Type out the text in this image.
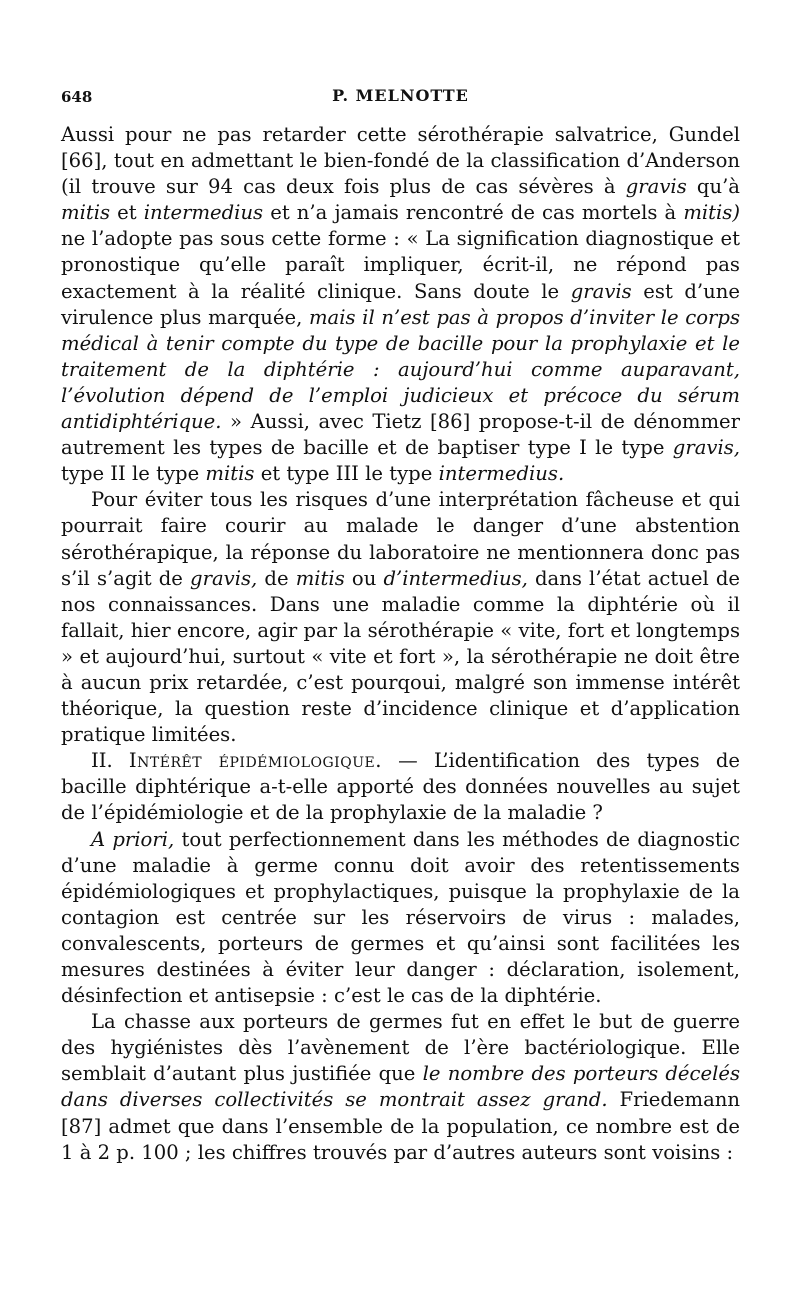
648	P. MELNOTTE

Aussi pour ne pas retarder cette sérothérapie salvatrice, Gundel [66], tout en admettant le bien-fondé de la classification d’Anderson (il trouve sur 94 cas deux fois plus de cas sévères à gravis qu’à mitis et intermedius et n’a jamais rencontré de cas mortels à mitis) ne l’adopte pas sous cette forme : « La signification diagnostique et pronostique qu’elle paraît impliquer, écrit-il, ne répond pas exactement à la réalité clinique. Sans doute le gravis est d’une virulence plus marquée, mais il n’est pas à propos d’inviter le corps médical à tenir compte du type de bacille pour la prophylaxie et le traitement de la diphtérie : aujourd’hui comme auparavant, l’évolution dépend de l’emploi judicieux et précoce du sérum antidiphtérique. » Aussi, avec Tietz [86] propose-t-il de dénommer autrement les types de bacille et de baptiser type I le type gravis, type II le type mitis et type III le type intermedius.

Pour éviter tous les risques d’une interprétation fâcheuse et qui pourrait faire courir au malade le danger d’une abstention sérothérapique, la réponse du laboratoire ne mentionnera donc pas s’il s’agit de gravis, de mitis ou d’intermedius, dans l’état actuel de nos connaissances. Dans une maladie comme la diphtérie où il fallait, hier encore, agir par la sérothérapie « vite, fort et longtemps » et aujourd’hui, surtout « vite et fort », la sérothérapie ne doit être à aucun prix retardée, c’est pourqoui, malgré son immense intérêt théorique, la question reste d’incidence clinique et d’application pratique limitées.

II. Intérêt épidémiologique. — L’identification des types de bacille diphtérique a-t-elle apporté des données nouvelles au sujet de l’épidémiologie et de la prophylaxie de la maladie ?

A priori, tout perfectionnement dans les méthodes de diagnostic d’une maladie à germe connu doit avoir des retentissements épidémiologiques et prophylactiques, puisque la prophylaxie de la contagion est centrée sur les réservoirs de virus : malades, convalescents, porteurs de germes et qu’ainsi sont facilitées les mesures destinées à éviter leur danger : déclaration, isolement, désinfection et antisepsie : c’est le cas de la diphtérie.

La chasse aux porteurs de germes fut en effet le but de guerre des hygiénistes dès l’avènement de l’ère bactériologique. Elle semblait d’autant plus justifiée que le nombre des porteurs décelés dans diverses collectivités se montrait assez grand. Friedemann [87] admet que dans l’ensemble de la population, ce nombre est de 1 à 2 p. 100 ; les chiffres trouvés par d’autres auteurs sont voisins :
